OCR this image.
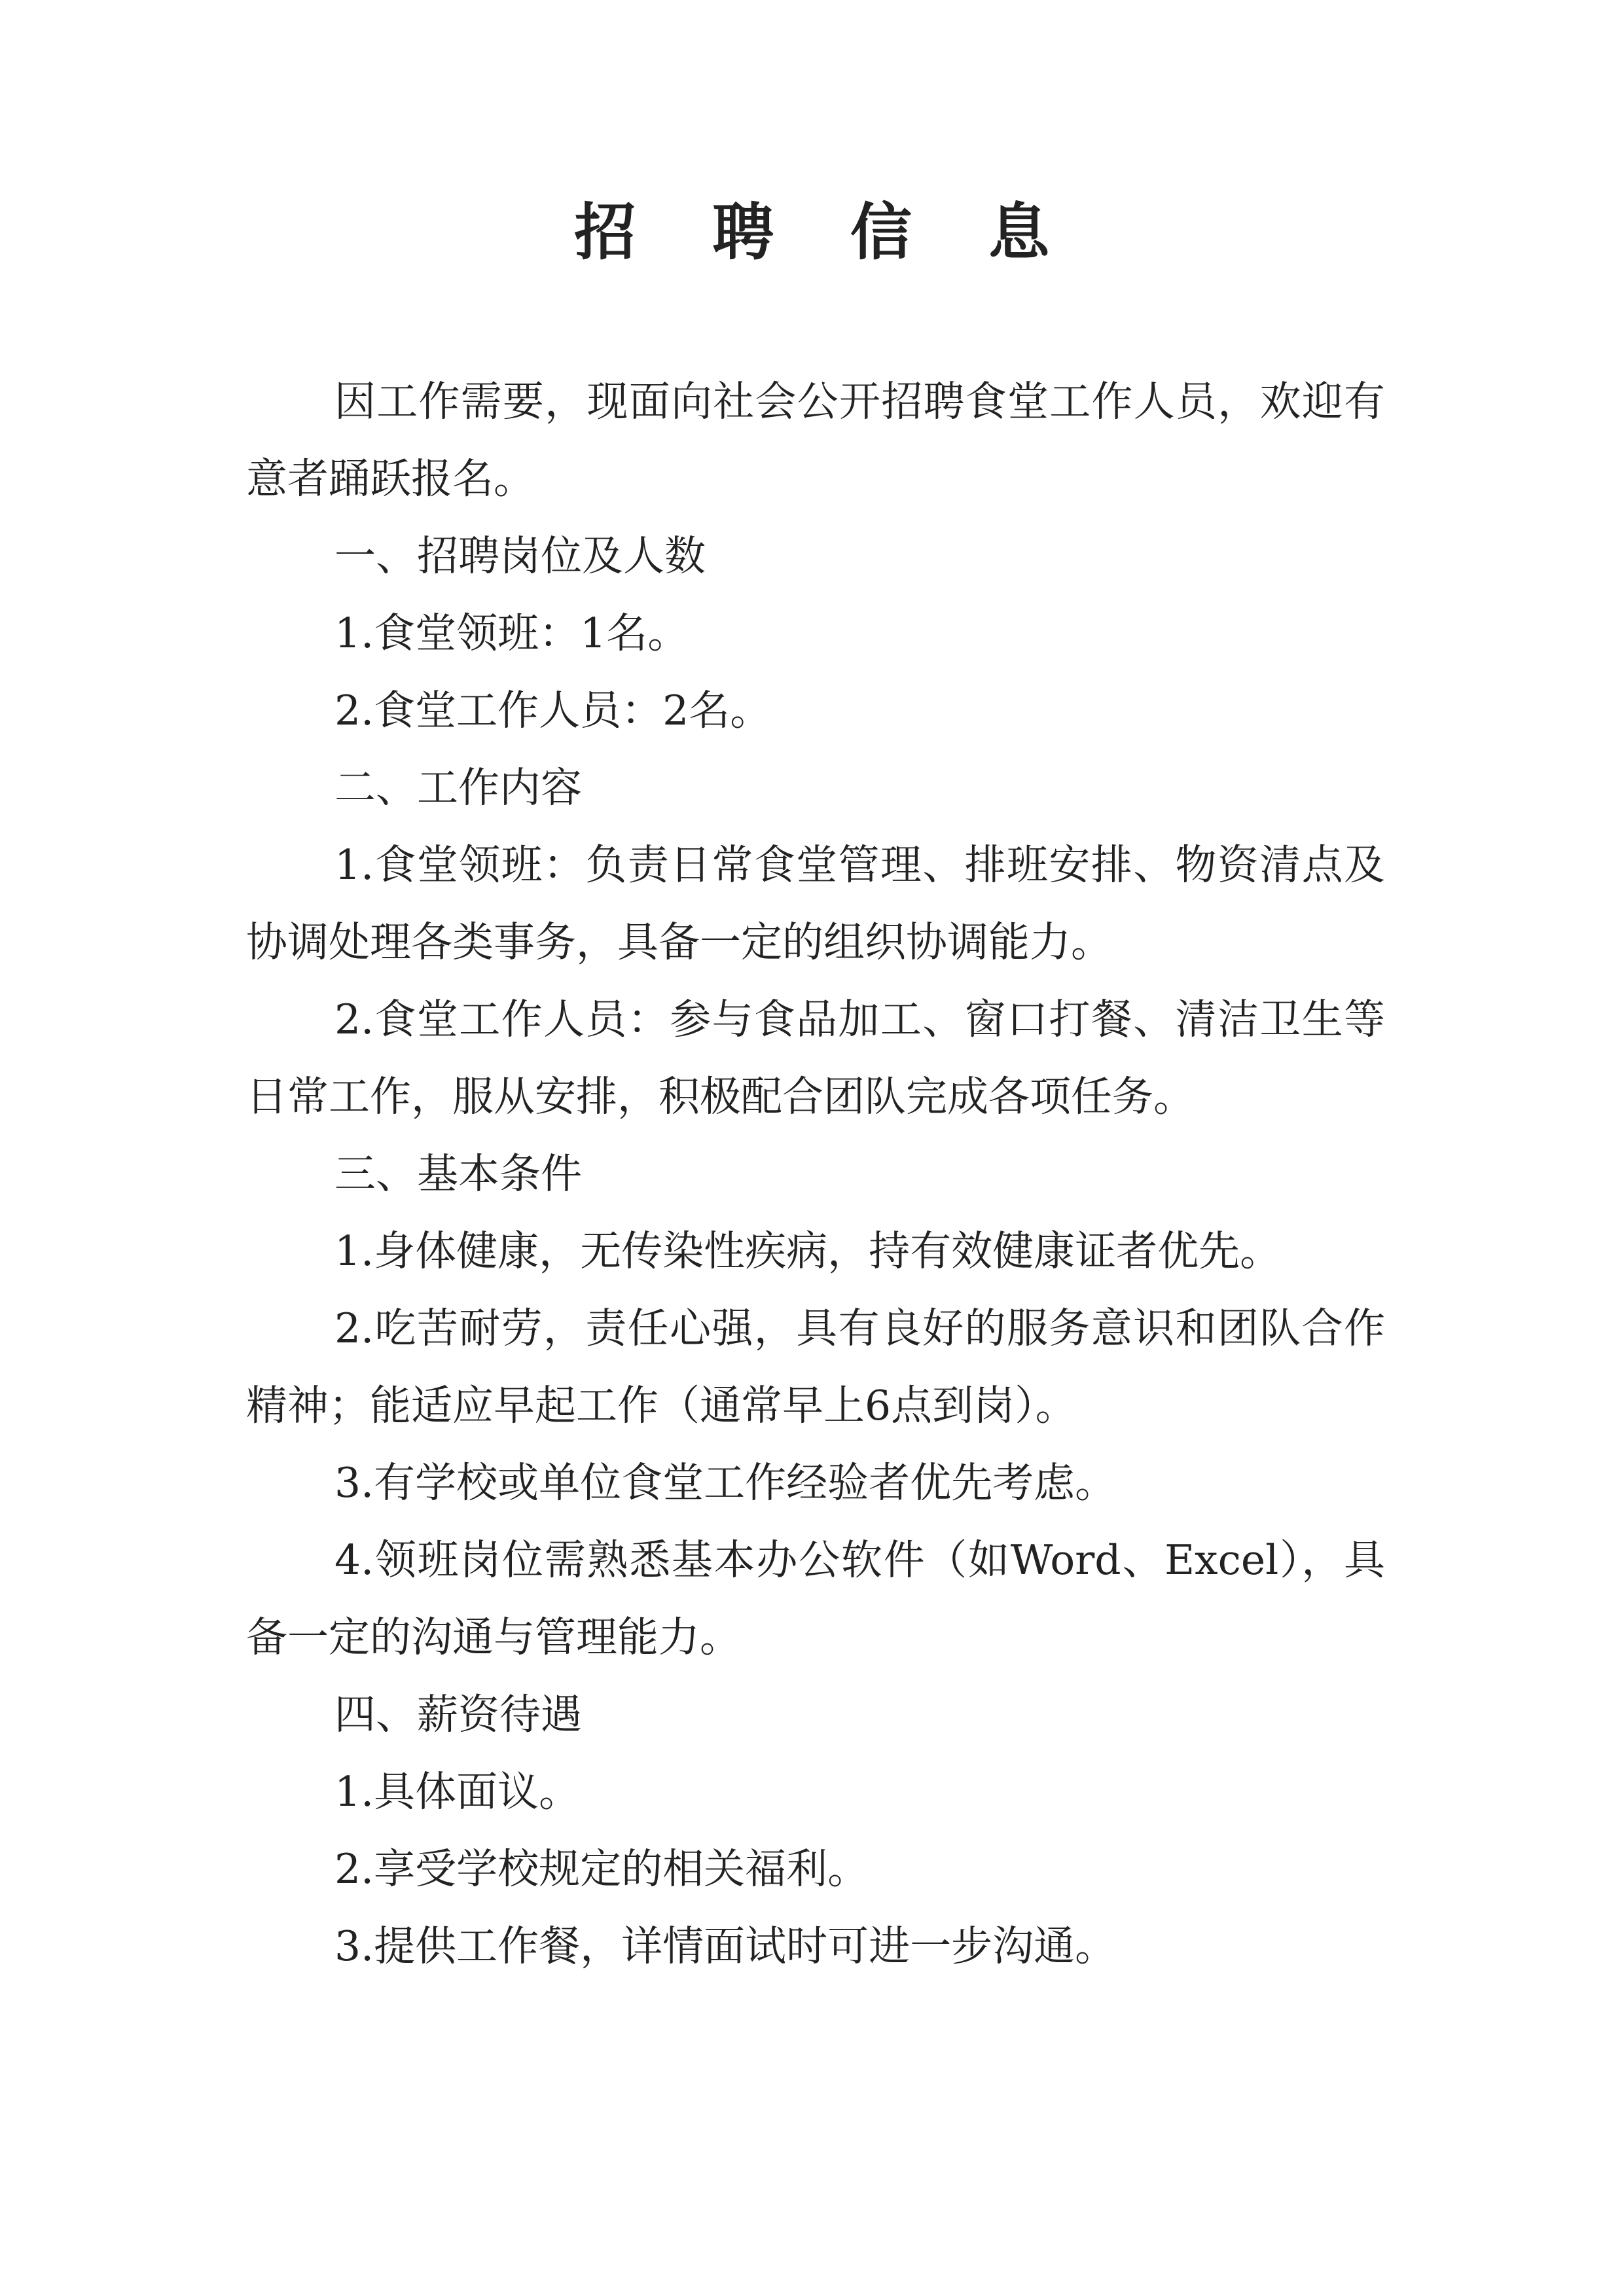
招 聘 信 息

因工作需要，现面向社会公开招聘食堂工作人员，欢迎有意者踊跃报名。

一、招聘岗位及人数

1.食堂领班：1名。

2.食堂工作人员：2名。

二、工作内容

1.食堂领班：负责日常食堂管理、排班安排、物资清点及协调处理各类事务，具备一定的组织协调能力。

2.食堂工作人员：参与食品加工、窗口打餐、清洁卫生等日常工作，服从安排，积极配合团队完成各项任务。

三、基本条件

1.身体健康，无传染性疾病，持有效健康证者优先。

2.吃苦耐劳，责任心强，具有良好的服务意识和团队合作精神；能适应早起工作（通常早上6点到岗）。

3.有学校或单位食堂工作经验者优先考虑。

4.领班岗位需熟悉基本办公软件（如Word、Excel），具备一定的沟通与管理能力。

四、薪资待遇

1.具体面议。

2.享受学校规定的相关福利。

3.提供工作餐，详情面试时可进一步沟通。
